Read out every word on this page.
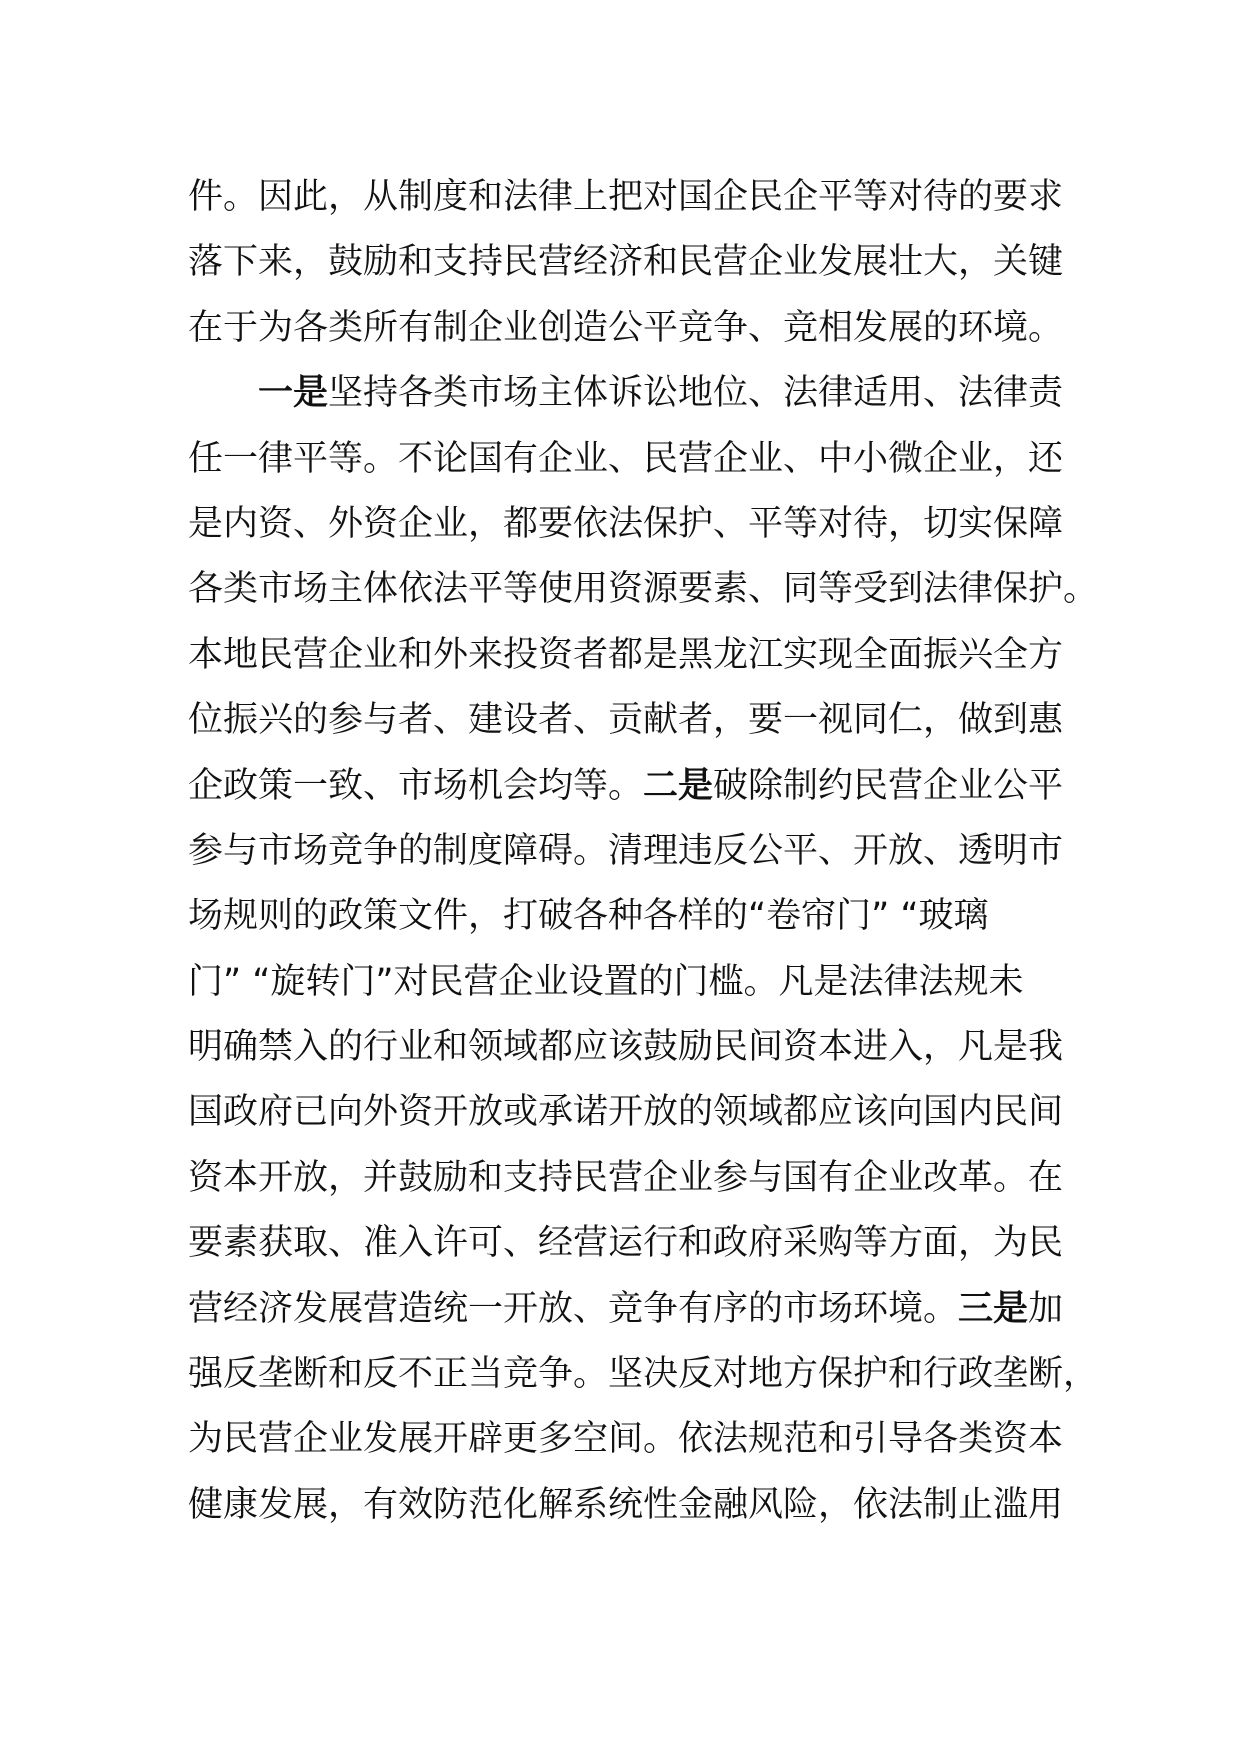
件。因此，从制度和法律上把对国企民企平等对待的要求
落下来，鼓励和支持民营经济和民营企业发展壮大，关键
在于为各类所有制企业创造公平竞争、竞相发展的环境。
一是坚持各类市场主体诉讼地位、法律适用、法律责
任一律平等。不论国有企业、民营企业、中小微企业，还
是内资、外资企业，都要依法保护、平等对待，切实保障
各类市场主体依法平等使用资源要素、同等受到法律保护。
本地民营企业和外来投资者都是黑龙江实现全面振兴全方
位振兴的参与者、建设者、贡献者，要一视同仁，做到惠
企政策一致、市场机会均等。二是破除制约民营企业公平
参与市场竞争的制度障碍。清理违反公平、开放、透明市
场规则的政策文件，打破各种各样的“卷帘门” “玻璃
门” “旋转门”对民营企业设置的门槛。凡是法律法规未
明确禁入的行业和领域都应该鼓励民间资本进入，凡是我
国政府已向外资开放或承诺开放的领域都应该向国内民间
资本开放，并鼓励和支持民营企业参与国有企业改革。在
要素获取、准入许可、经营运行和政府采购等方面，为民
营经济发展营造统一开放、竞争有序的市场环境。三是加
强反垄断和反不正当竞争。坚决反对地方保护和行政垄断，
为民营企业发展开辟更多空间。依法规范和引导各类资本
健康发展，有效防范化解系统性金融风险，依法制止滥用
